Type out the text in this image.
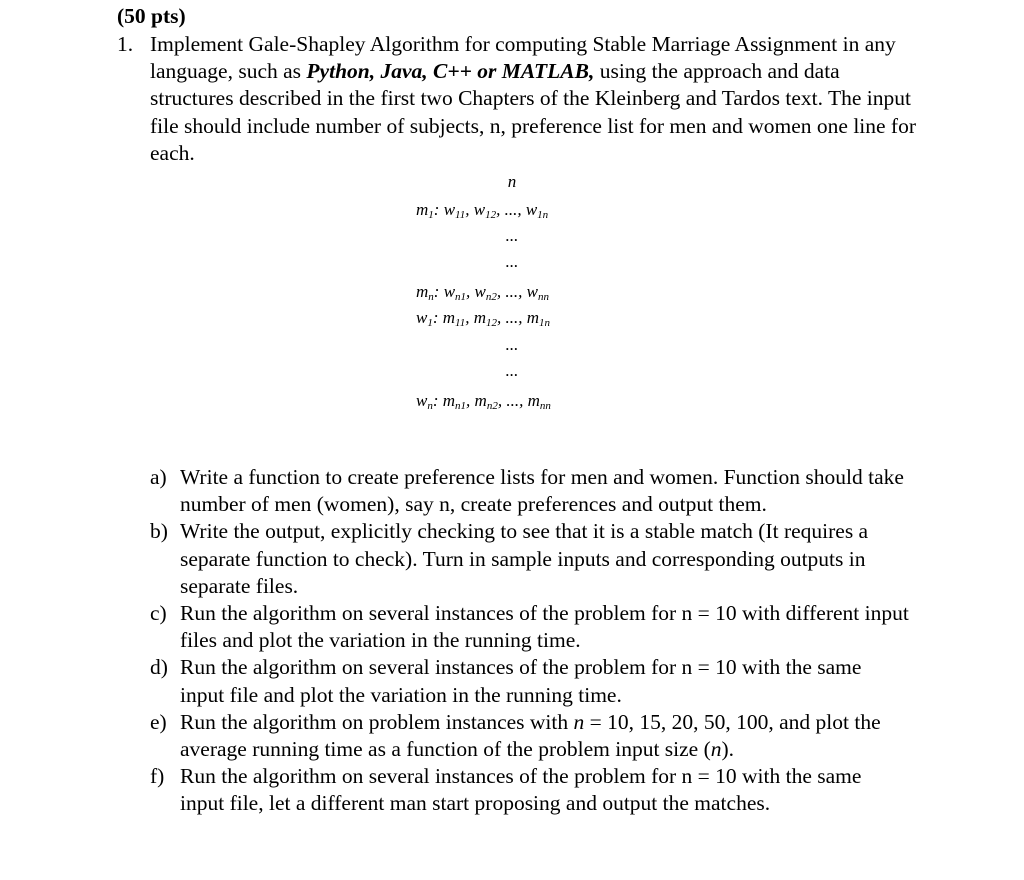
(50 pts)
1. Implement Gale-Shapley Algorithm for computing Stable Marriage Assignment in any language, such as Python, Java, C++ or MATLAB, using the approach and data structures described in the first two Chapters of the Kleinberg and Tardos text. The input file should include number of subjects, n, preference list for men and women one line for each.
n
$m_1$: $w_{11}$, $w_{12}$, ..., $w_{1n}$
...
...
$m_n$: $w_{n1}$, $w_{n2}$, ..., $w_{nn}$
$w_1$: $m_{11}$, $m_{12}$, ..., $m_{1n}$
...
...
$w_n$: $m_{n1}$, $m_{n2}$, ..., $m_{nn}$
a) Write a function to create preference lists for men and women. Function should take number of men (women), say n, create preferences and output them.
b) Write the output, explicitly checking to see that it is a stable match (It requires a separate function to check). Turn in sample inputs and corresponding outputs in separate files.
c) Run the algorithm on several instances of the problem for n = 10 with different input files and plot the variation in the running time.
d) Run the algorithm on several instances of the problem for n = 10 with the same input file and plot the variation in the running time.
e) Run the algorithm on problem instances with n = 10, 15, 20, 50, 100, and plot the average running time as a function of the problem input size (n).
f) Run the algorithm on several instances of the problem for n = 10 with the same input file, let a different man start proposing and output the matches.
